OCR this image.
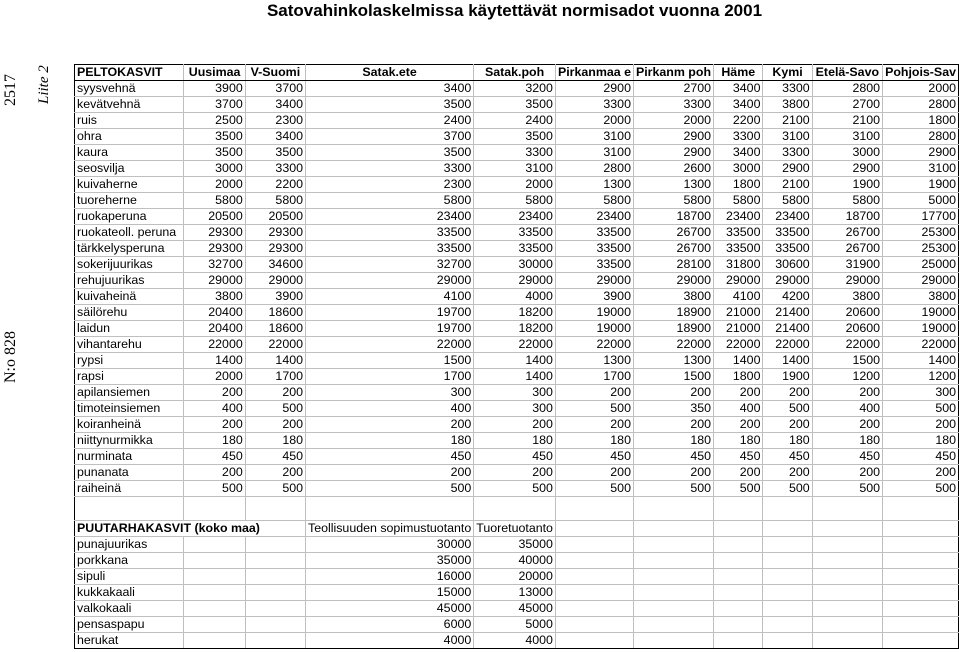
Satovahinkolaskelmissa käytettävät normisadot vuonna 2001
2517 Liite 2
N:o 828
PELTOKASVIT	Uusimaa	V-Suomi	Satak.ete	Satak.poh	Pirkanmaa e	Pirkanm poh	Häme	Kymi	Etelä-Savo	Pohjois-Sav
syysvehnä	3900	3700	3400	3200	2900	2700	3400	3300	2800	2000
kevätvehnä	3700	3400	3500	3500	3300	3300	3400	3800	2700	2800
ruis	2500	2300	2400	2400	2000	2000	2200	2100	2100	1800
ohra	3500	3400	3700	3500	3100	2900	3300	3100	3100	2800
kaura	3500	3500	3500	3300	3100	2900	3400	3300	3000	2900
seosvilja	3000	3300	3300	3100	2800	2600	3000	2900	2900	3100
kuivaherne	2000	2200	2300	2000	1300	1300	1800	2100	1900	1900
tuoreherne	5800	5800	5800	5800	5800	5800	5800	5800	5800	5000
ruokaperuna	20500	20500	23400	23400	23400	18700	23400	23400	18700	17700
ruokateoll. peruna	29300	29300	33500	33500	33500	26700	33500	33500	26700	25300
tärkkelysperuna	29300	29300	33500	33500	33500	26700	33500	33500	26700	25300
sokerijuurikas	32700	34600	32700	30000	33500	28100	31800	30600	31900	25000
rehujuurikas	29000	29000	29000	29000	29000	29000	29000	29000	29000	29000
kuivaheinä	3800	3900	4100	4000	3900	3800	4100	4200	3800	3800
säilörehu	20400	18600	19700	18200	19000	18900	21000	21400	20600	19000
laidun	20400	18600	19700	18200	19000	18900	21000	21400	20600	19000
vihantarehu	22000	22000	22000	22000	22000	22000	22000	22000	22000	22000
rypsi	1400	1400	1500	1400	1300	1300	1400	1400	1500	1400
rapsi	2000	1700	1700	1400	1700	1500	1800	1900	1200	1200
apilansiemen	200	200	300	300	200	200	200	200	200	300
timoteinsiemen	400	500	400	300	500	350	400	500	400	500
koiranheinä	200	200	200	200	200	200	200	200	200	200
niittynurmikka	180	180	180	180	180	180	180	180	180	180
nurminata	450	450	450	450	450	450	450	450	450	450
punanata	200	200	200	200	200	200	200	200	200	200
raiheinä	500	500	500	500	500	500	500	500	500	500

PUUTARHAKASVIT (koko maa)			Teollisuuden sopimustuotanto	Tuoretuotanto						
punajuurikas			30000	35000						
porkkana			35000	40000						
sipuli			16000	20000						
kukkakaali			15000	13000						
valkokaali			45000	45000						
pensaspapu			6000	5000						
herukat			4000	4000						
